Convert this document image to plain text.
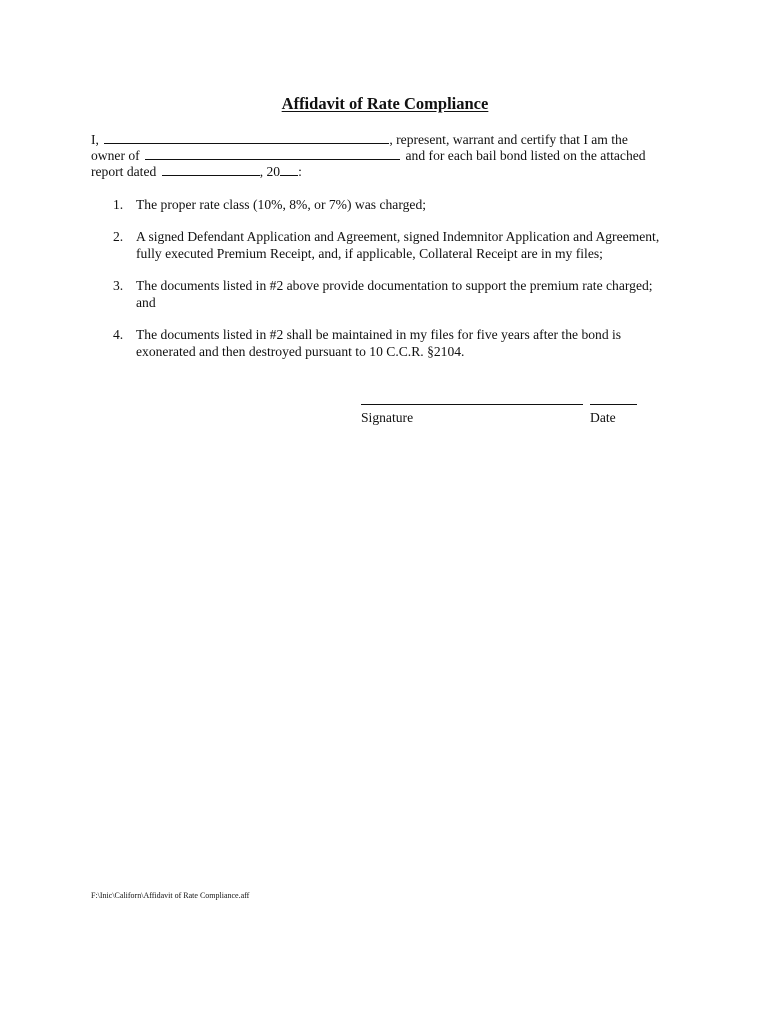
Affidavit of Rate Compliance
I,	, represent, warrant and certify that I am the
owner of	and for each bail bond listed on the attached
report dated	, 20 :
1. The proper rate class (10%, 8%, or 7%) was charged;
2. A signed Defendant Application and Agreement, signed Indemnitor Application and Agreement,
fully executed Premium Receipt, and, if applicable, Collateral Receipt are in my files;
3. The documents listed in #2 above provide documentation to support the premium rate charged;
and
4. The documents listed in #2 shall be maintained in my files for five years after the bond is
exonerated and then destroyed pursuant to 10 C.C.R. §2104.
Signature	Date
F:\Inic\Californ\Affidavit of Rate Compliance.aff
